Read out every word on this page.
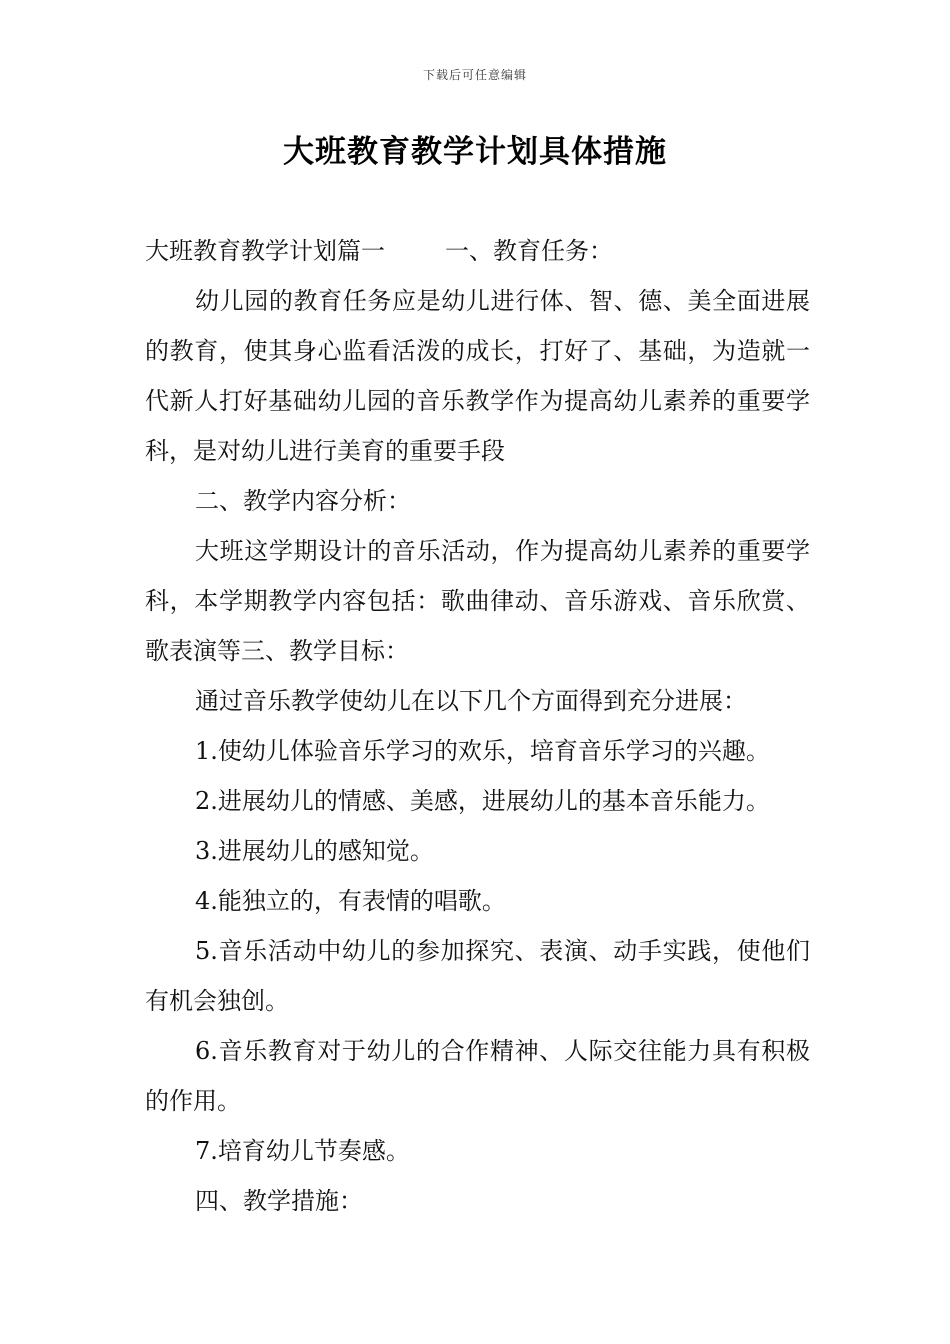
下载后可任意编辑
大班教育教学计划具体措施

大班教育教学计划篇一	一、教育任务：

幼儿园的教育任务应是幼儿进行体、智、德、美全面进展的教育，使其身心监看活泼的成长，打好了、基础，为造就一代新人打好基础幼儿园的音乐教学作为提高幼儿素养的重要学科，是对幼儿进行美育的重要手段

二、教学内容分析：

大班这学期设计的音乐活动，作为提高幼儿素养的重要学科，本学期教学内容包括：歌曲律动、音乐游戏、音乐欣赏、歌表演等三、教学目标：

通过音乐教学使幼儿在以下几个方面得到充分进展：

1.使幼儿体验音乐学习的欢乐，培育音乐学习的兴趣。

2.进展幼儿的情感、美感，进展幼儿的基本音乐能力。

3.进展幼儿的感知觉。

4.能独立的，有表情的唱歌。

5.音乐活动中幼儿的参加探究、表演、动手实践，使他们有机会独创。

6.音乐教育对于幼儿的合作精神、人际交往能力具有积极的作用。

7.培育幼儿节奏感。

四、教学措施：
